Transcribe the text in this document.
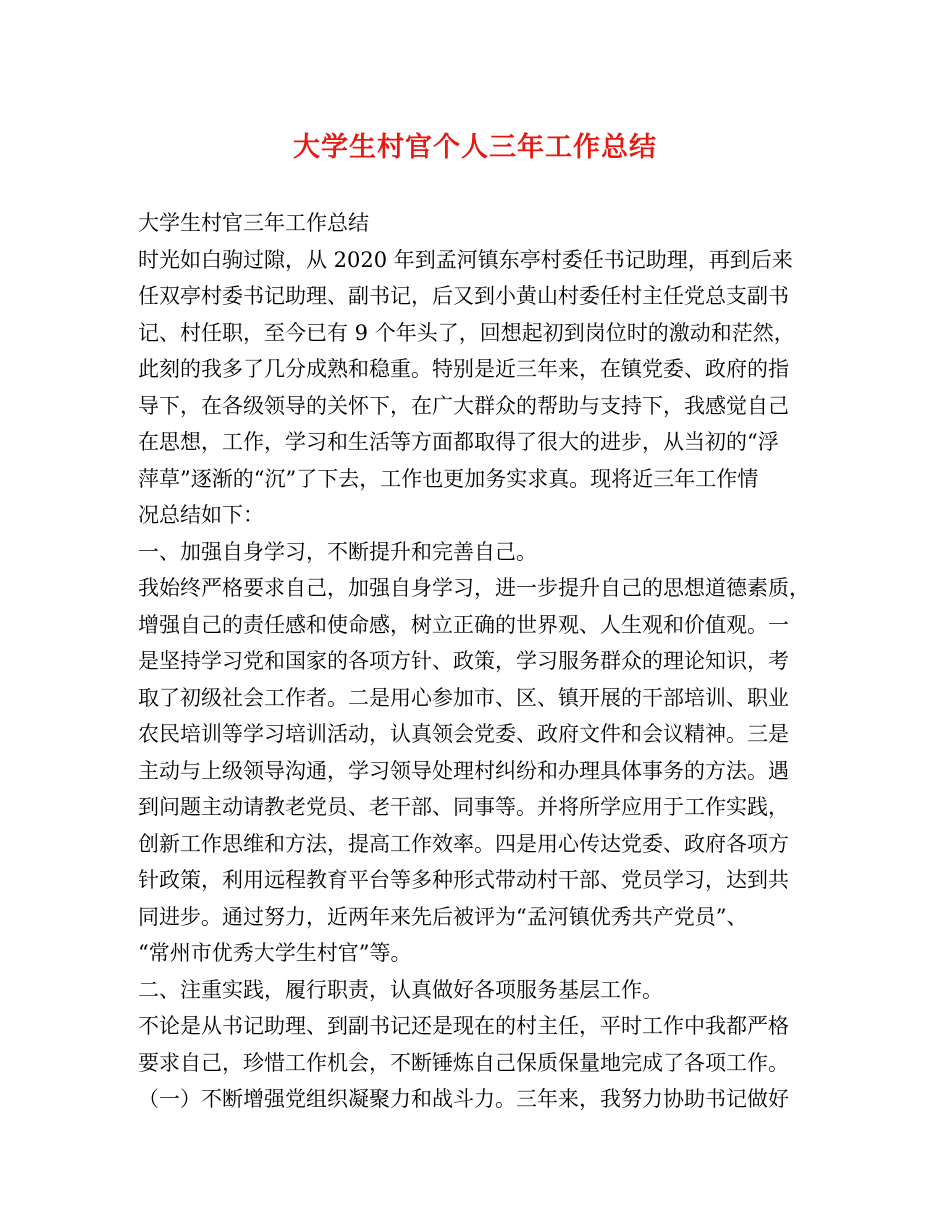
大学生村官个人三年工作总结
大学生村官三年工作总结
时光如白驹过隙，从 2020 年到孟河镇东亭村委任书记助理，再到后来
任双亭村委书记助理、副书记，后又到小黄山村委任村主任党总支副书
记、村任职，至今已有 9 个年头了，回想起初到岗位时的激动和茫然，
此刻的我多了几分成熟和稳重。特别是近三年来，在镇党委、政府的指
导下，在各级领导的关怀下，在广大群众的帮助与支持下，我感觉自己
在思想，工作，学习和生活等方面都取得了很大的进步，从当初的“浮
萍草”逐渐的“沉”了下去，工作也更加务实求真。现将近三年工作情
况总结如下：
一、加强自身学习，不断提升和完善自己。
我始终严格要求自己，加强自身学习，进一步提升自己的思想道德素质，
增强自己的责任感和使命感，树立正确的世界观、人生观和价值观。一
是坚持学习党和国家的各项方针、政策，学习服务群众的理论知识，考
取了初级社会工作者。二是用心参加市、区、镇开展的干部培训、职业
农民培训等学习培训活动，认真领会党委、政府文件和会议精神。三是
主动与上级领导沟通，学习领导处理村纠纷和办理具体事务的方法。遇
到问题主动请教老党员、老干部、同事等。并将所学应用于工作实践，
创新工作思维和方法，提高工作效率。四是用心传达党委、政府各项方
针政策，利用远程教育平台等多种形式带动村干部、党员学习，达到共
同进步。通过努力，近两年来先后被评为“孟河镇优秀共产党员”、
“常州市优秀大学生村官”等。
二、注重实践，履行职责，认真做好各项服务基层工作。
不论是从书记助理、到副书记还是现在的村主任，平时工作中我都严格
要求自己，珍惜工作机会，不断锤炼自己保质保量地完成了各项工作。
（一）不断增强党组织凝聚力和战斗力。三年来，我努力协助书记做好
